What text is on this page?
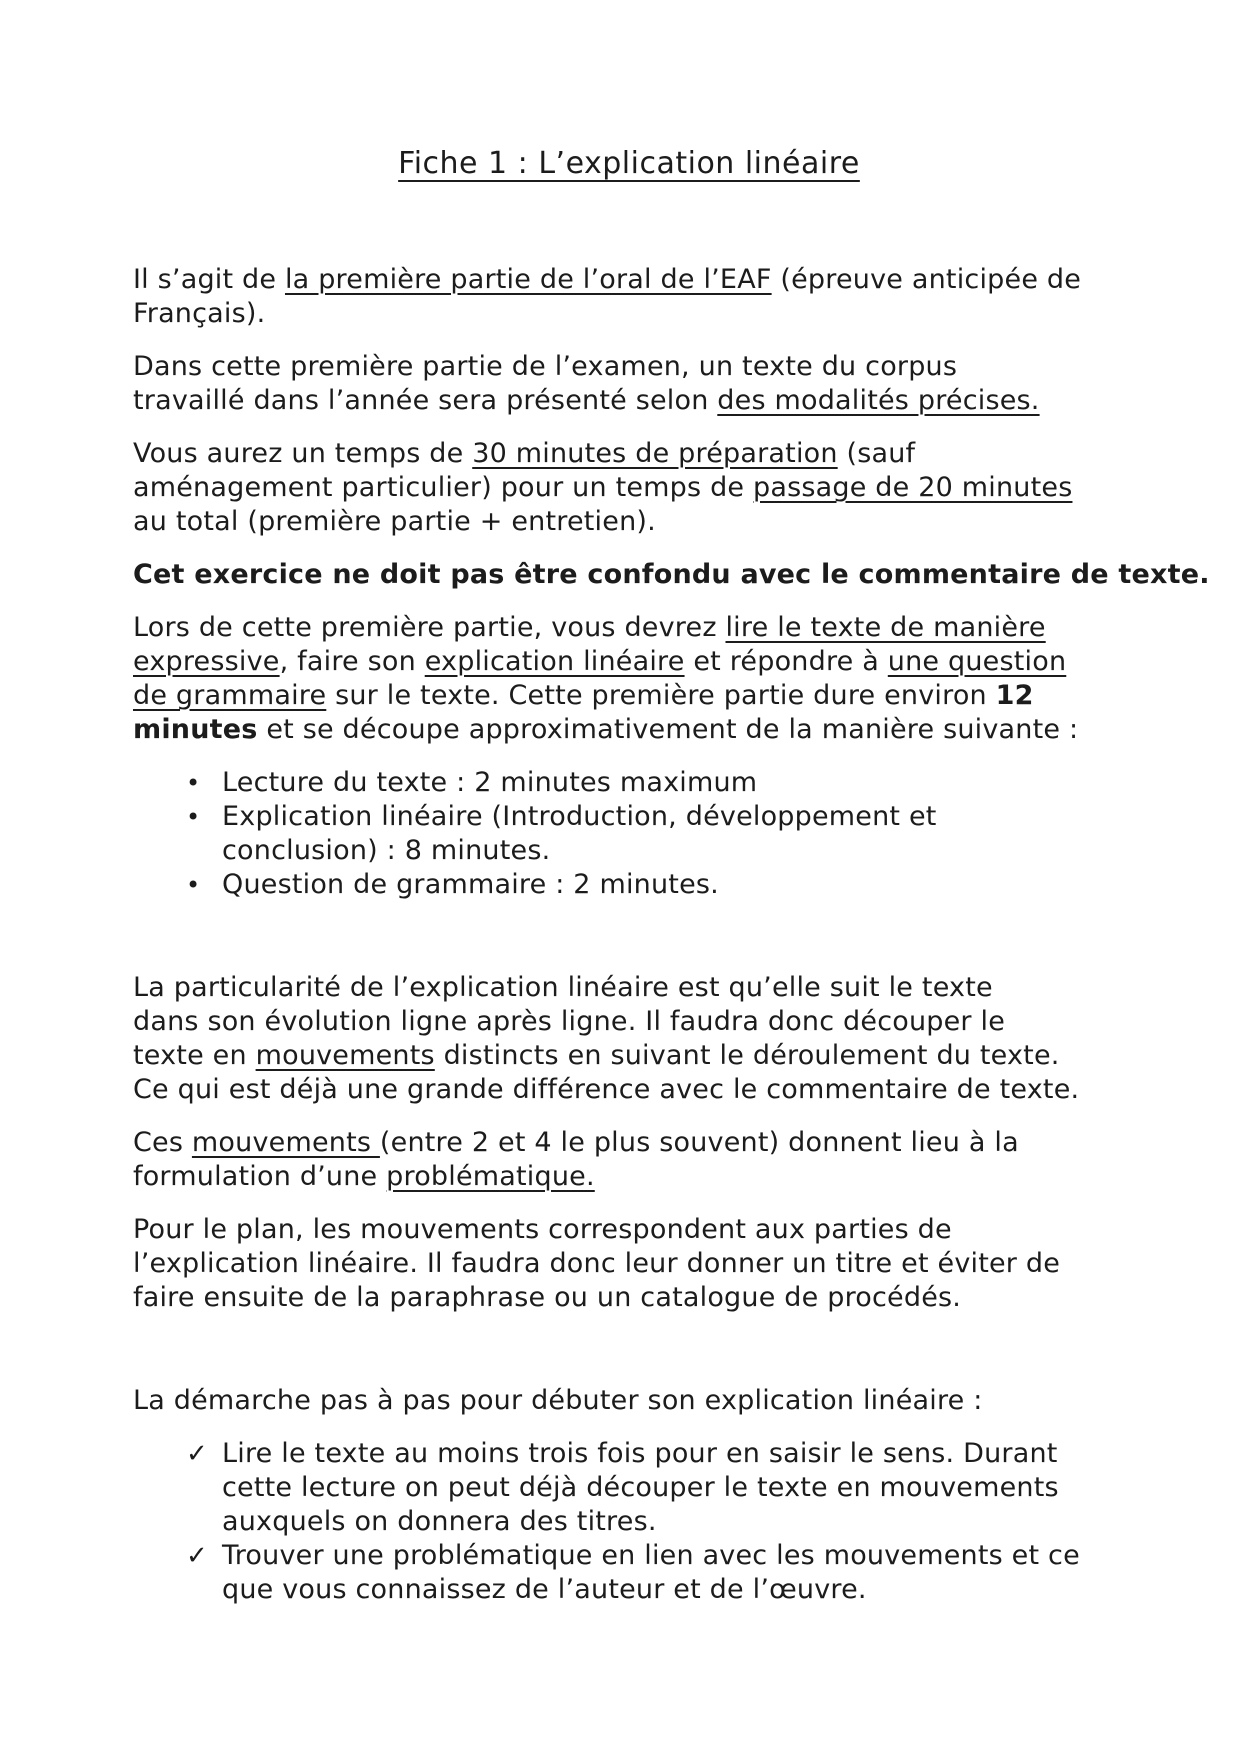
Fiche 1 : L’explication linéaire
Il s’agit de la première partie de l’oral de l’EAF (épreuve anticipée de
Français).
Dans cette première partie de l’examen, un texte du corpus
travaillé dans l’année sera présenté selon des modalités précises.
Vous aurez un temps de 30 minutes de préparation (sauf
aménagement particulier) pour un temps de passage de 20 minutes
au total (première partie + entretien).
Cet exercice ne doit pas être confondu avec le commentaire de texte.
Lors de cette première partie, vous devrez lire le texte de manière
expressive, faire son explication linéaire et répondre à une question
de grammaire sur le texte. Cette première partie dure environ 12
minutes et se découpe approximativement de la manière suivante :
• Lecture du texte : 2 minutes maximum
• Explication linéaire (Introduction, développement et
conclusion) : 8 minutes.
• Question de grammaire : 2 minutes.
La particularité de l’explication linéaire est qu’elle suit le texte
dans son évolution ligne après ligne. Il faudra donc découper le
texte en mouvements distincts en suivant le déroulement du texte.
Ce qui est déjà une grande différence avec le commentaire de texte.
Ces mouvements (entre 2 et 4 le plus souvent) donnent lieu à la
formulation d’une problématique.
Pour le plan, les mouvements correspondent aux parties de
l’explication linéaire. Il faudra donc leur donner un titre et éviter de
faire ensuite de la paraphrase ou un catalogue de procédés.
La démarche pas à pas pour débuter son explication linéaire :
✓ Lire le texte au moins trois fois pour en saisir le sens. Durant
cette lecture on peut déjà découper le texte en mouvements
auxquels on donnera des titres.
✓ Trouver une problématique en lien avec les mouvements et ce
que vous connaissez de l’auteur et de l’œuvre.
